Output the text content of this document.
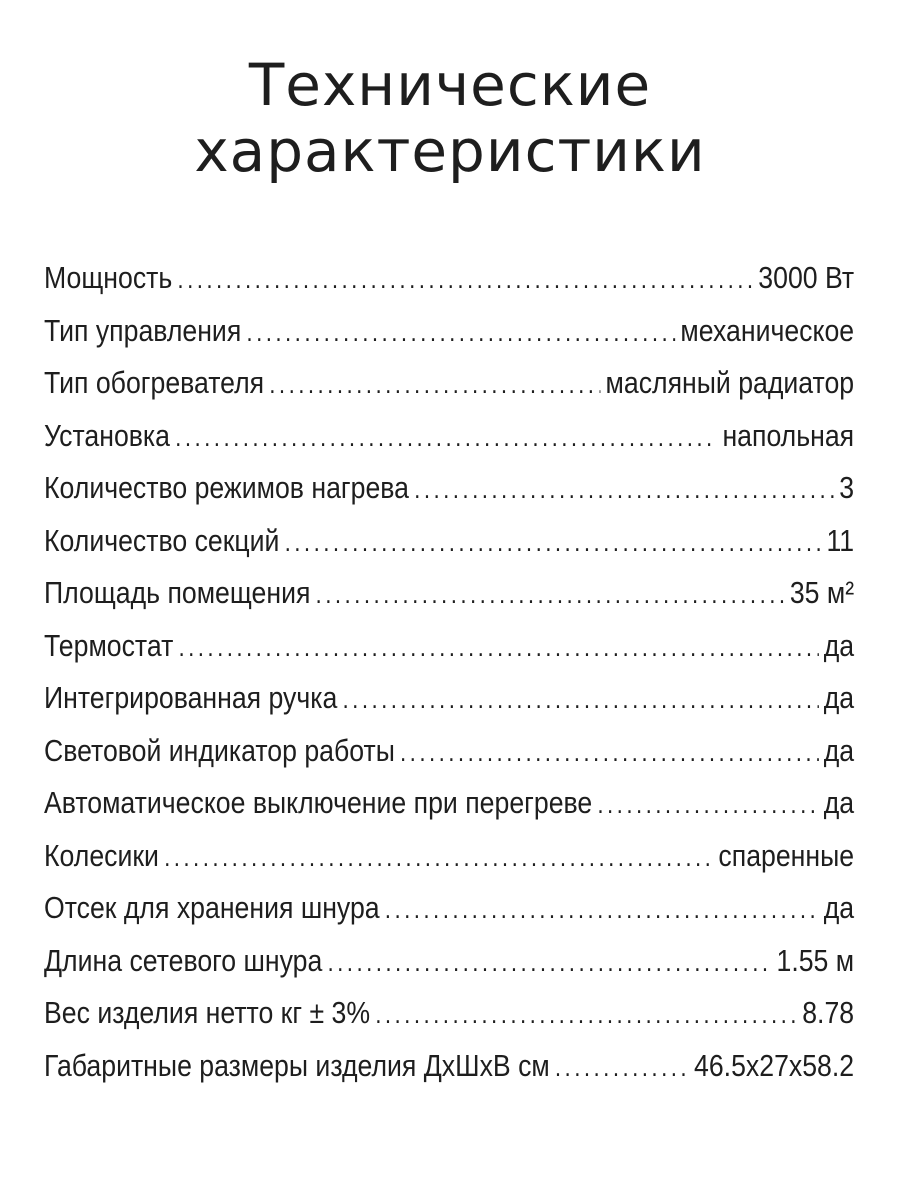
Технические
характеристики
Мощность .....	3000 Вт
Тип управления .....	механическое
Тип обогревателя .....	масляный радиатор
Установка .....	напольная
Количество режимов нагрева .....	3
Количество секций .....	11
Площадь помещения .....	35 м²
Термостат .....	да
Интегрированная ручка .....	да
Световой индикатор работы .....	да
Автоматическое выключение при перегреве .....	да
Колесики .....	спаренные
Отсек для хранения шнура .....	да
Длина сетевого шнура .....	1.55 м
Вес изделия нетто кг ± 3% .....	8.78
Габаритные размеры изделия ДхШхВ см .....	46.5x27x58.2
